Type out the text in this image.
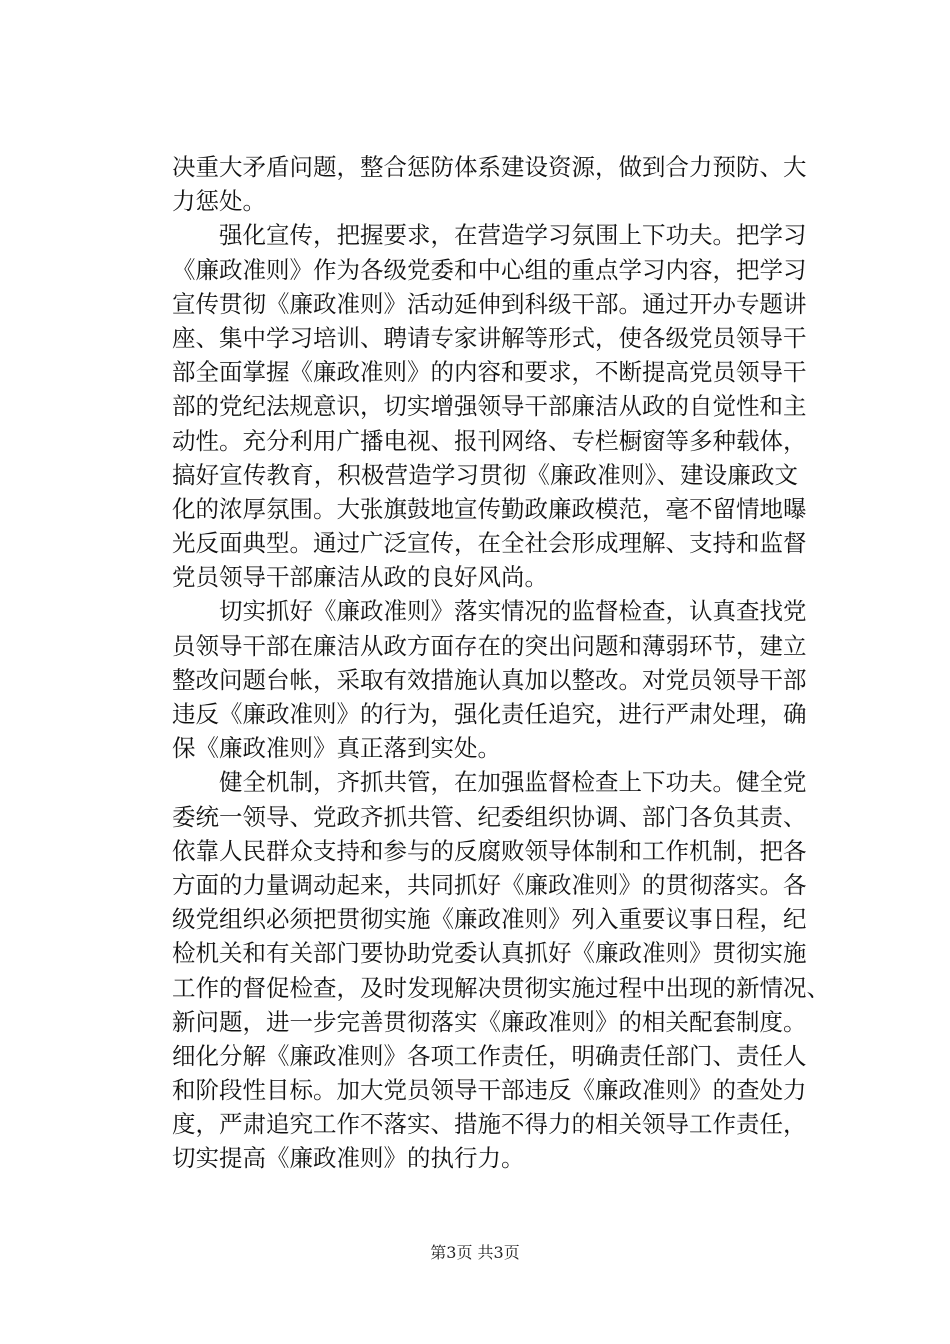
决重大矛盾问题，整合惩防体系建设资源，做到合力预防、大
力惩处。
　　强化宣传，把握要求，在营造学习氛围上下功夫。把学习
《廉政准则》作为各级党委和中心组的重点学习内容，把学习
宣传贯彻《廉政准则》活动延伸到科级干部。通过开办专题讲
座、集中学习培训、聘请专家讲解等形式，使各级党员领导干
部全面掌握《廉政准则》的内容和要求，不断提高党员领导干
部的党纪法规意识，切实增强领导干部廉洁从政的自觉性和主
动性。充分利用广播电视、报刊网络、专栏橱窗等多种载体，
搞好宣传教育，积极营造学习贯彻《廉政准则》、建设廉政文
化的浓厚氛围。大张旗鼓地宣传勤政廉政模范，毫不留情地曝
光反面典型。通过广泛宣传，在全社会形成理解、支持和监督
党员领导干部廉洁从政的良好风尚。
　　切实抓好《廉政准则》落实情况的监督检查，认真查找党
员领导干部在廉洁从政方面存在的突出问题和薄弱环节，建立
整改问题台帐，采取有效措施认真加以整改。对党员领导干部
违反《廉政准则》的行为，强化责任追究，进行严肃处理，确
保《廉政准则》真正落到实处。
　　健全机制，齐抓共管，在加强监督检查上下功夫。健全党
委统一领导、党政齐抓共管、纪委组织协调、部门各负其责、
依靠人民群众支持和参与的反腐败领导体制和工作机制，把各
方面的力量调动起来，共同抓好《廉政准则》的贯彻落实。各
级党组织必须把贯彻实施《廉政准则》列入重要议事日程，纪
检机关和有关部门要协助党委认真抓好《廉政准则》贯彻实施
工作的督促检查，及时发现解决贯彻实施过程中出现的新情况、
新问题，进一步完善贯彻落实《廉政准则》的相关配套制度。
细化分解《廉政准则》各项工作责任，明确责任部门、责任人
和阶段性目标。加大党员领导干部违反《廉政准则》的查处力
度，严肃追究工作不落实、措施不得力的相关领导工作责任，
切实提高《廉政准则》的执行力。
第3页 共3页
